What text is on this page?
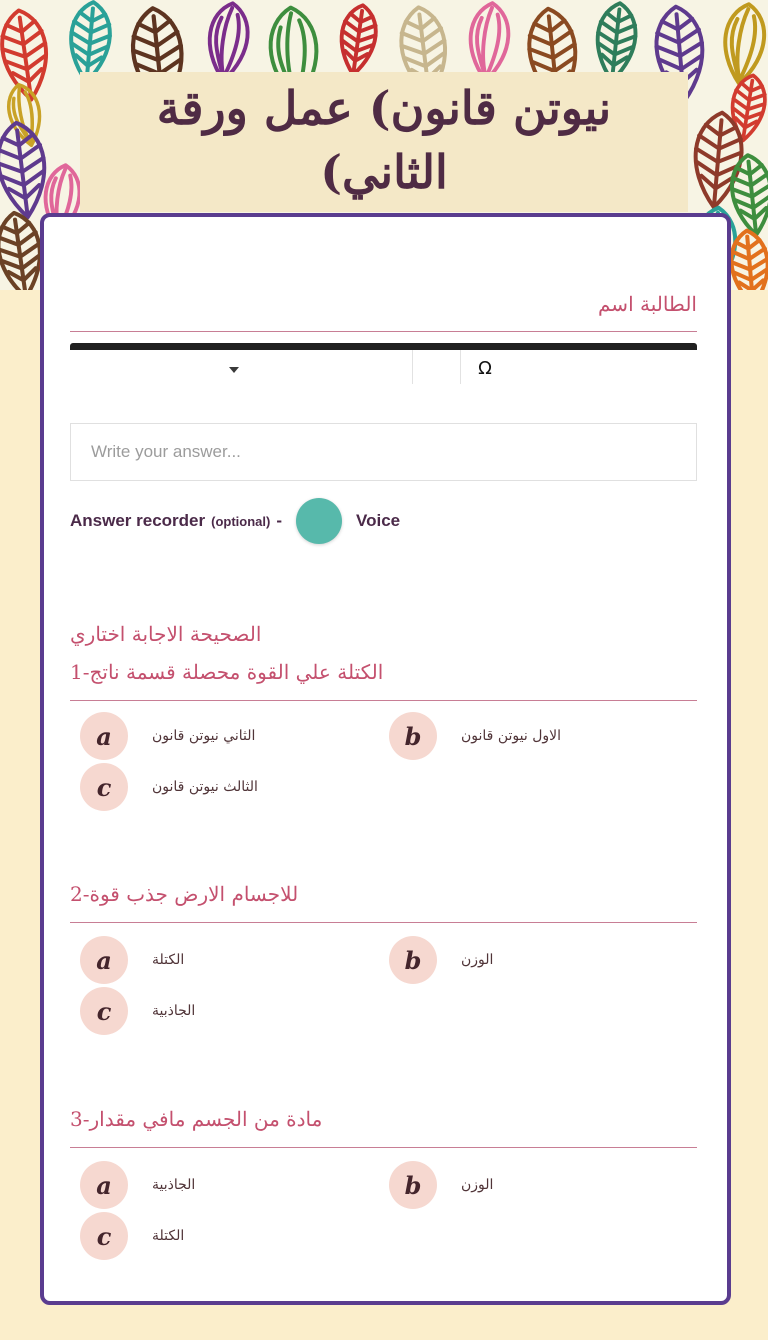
ورقة‎ عمل‎ (قانون‎ نيوتن
(الثاني
اسم‎ الطالبة
Ω
Write your answer...
Answer recorder (optional) -	Voice
اختاري‎ الاجابة‎ الصحيحة
1-ناتج‎ قسمة‎ محصلة‎ القوة‎ علي‎ الكتلة
a	قانون‎ نيوتن‎ الثاني	b	قانون‎ نيوتن‎ الاول
c	قانون‎ نيوتن‎ الثالث
2-قوة‎ جذب‎ الارض‎ للاجسام
a	الكتلة	b	الوزن
c	الجاذبية
3-مقدار‎ مافي‎ الجسم‎ من‎ مادة
a	الجاذبية	b	الوزن
c	الكتلة
